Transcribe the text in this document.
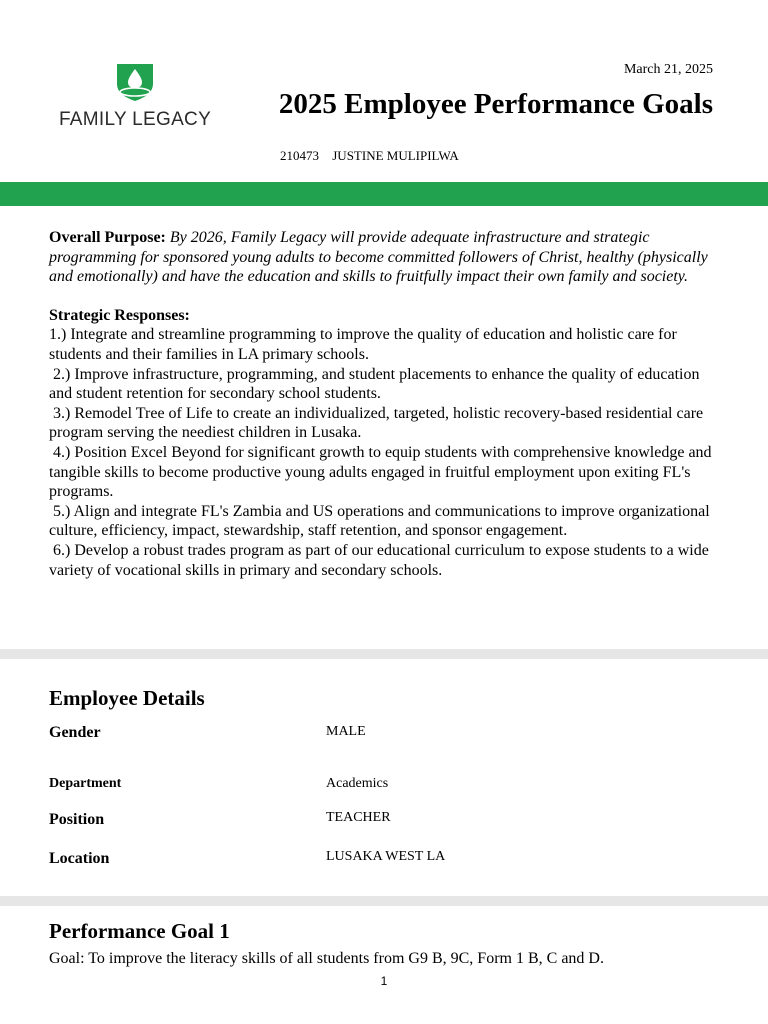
FAMILY LEGACY
March 21, 2025
2025 Employee Performance Goals
210473 JUSTINE MULIPILWA

Overall Purpose: By 2026, Family Legacy will provide adequate infrastructure and strategic programming for sponsored young adults to become committed followers of Christ, healthy (physically and emotionally) and have the education and skills to fruitfully impact their own family and society.

Strategic Responses:

1.) Integrate and streamline programming to improve the quality of education and holistic care for students and their families in LA primary schools.

2.) Improve infrastructure, programming, and student placements to enhance the quality of education and student retention for secondary school students.

3.) Remodel Tree of Life to create an individualized, targeted, holistic recovery-based residential care program serving the neediest children in Lusaka.

4.) Position Excel Beyond for significant growth to equip students with comprehensive knowledge and tangible skills to become productive young adults engaged in fruitful employment upon exiting FL's programs.

5.) Align and integrate FL's Zambia and US operations and communications to improve organizational culture, efficiency, impact, stewardship, staff retention, and sponsor engagement.

6.) Develop a robust trades program as part of our educational curriculum to expose students to a wide variety of vocational skills in primary and secondary schools.

Employee Details
Gender	MALE
Department	Academics
Position	TEACHER
Location	LUSAKA WEST LA
Performance Goal 1
Goal: To improve the literacy skills of all students from G9 B, 9C, Form 1 B, C and D.
1
